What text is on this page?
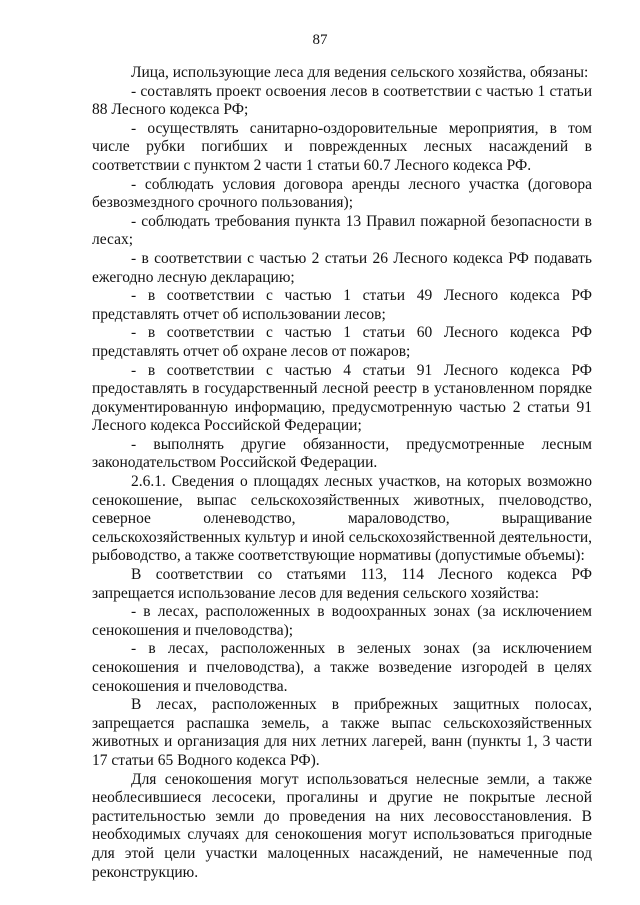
87

Лица, использующие леса для ведения сельского хозяйства, обязаны:

- составлять проект освоения лесов в соответствии с частью 1 статьи 88 Лесного кодекса РФ;

- осуществлять санитарно-оздоровительные мероприятия, в том числе рубки погибших и поврежденных лесных насаждений в соответствии с пунктом 2 части 1 статьи 60.7 Лесного кодекса РФ.

- соблюдать условия договора аренды лесного участка (договора безвозмездного срочного пользования);

- соблюдать требования пункта 13 Правил пожарной безопасности в лесах;

- в соответствии с частью 2 статьи 26 Лесного кодекса РФ подавать ежегодно лесную декларацию;

- в соответствии с частью 1 статьи 49 Лесного кодекса РФ представлять отчет об использовании лесов;

- в соответствии с частью 1 статьи 60 Лесного кодекса РФ представлять отчет об охране лесов от пожаров;

- в соответствии с частью 4 статьи 91 Лесного кодекса РФ предоставлять в государственный лесной реестр в установленном порядке документированную информацию, предусмотренную частью 2 статьи 91 Лесного кодекса Российской Федерации;

- выполнять другие обязанности, предусмотренные лесным законодательством Российской Федерации.

2.6.1. Сведения о площадях лесных участков, на которых возможно сенокошение, выпас сельскохозяйственных животных, пчеловодство, северное оленеводство, мараловодство, выращивание сельскохозяйственных культур и иной сельскохозяйственной деятельности, рыбоводство, а также соответствующие нормативы (допустимые объемы):

В соответствии со статьями 113, 114 Лесного кодекса РФ запрещается использование лесов для ведения сельского хозяйства:

- в лесах, расположенных в водоохранных зонах (за исключением сенокошения и пчеловодства);

- в лесах, расположенных в зеленых зонах (за исключением сенокошения и пчеловодства), а также возведение изгородей в целях сенокошения и пчеловодства.

В лесах, расположенных в прибрежных защитных полосах, запрещается распашка земель, а также выпас сельскохозяйственных животных и организация для них летних лагерей, ванн (пункты 1, 3 части 17 статьи 65 Водного кодекса РФ).

Для сенокошения могут использоваться нелесные земли, а также необлесившиеся лесосеки, прогалины и другие не покрытые лесной растительностью земли до проведения на них лесовосстановления. В необходимых случаях для сенокошения могут использоваться пригодные для этой цели участки малоценных насаждений, не намеченные под реконструкцию.
